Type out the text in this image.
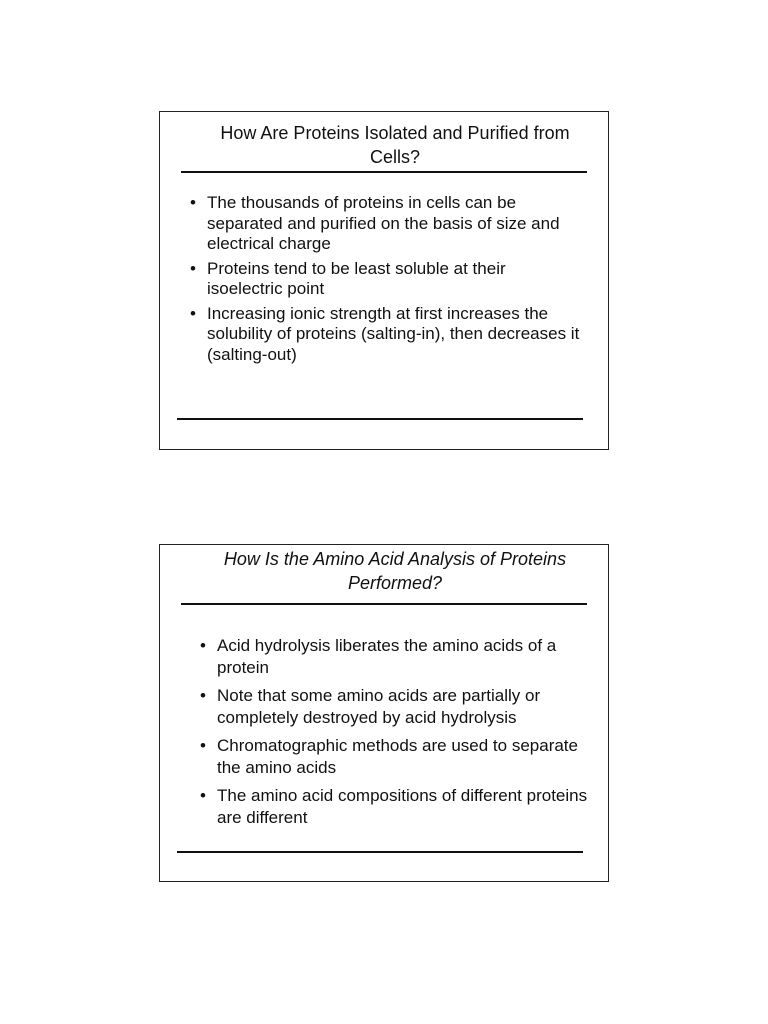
How Are Proteins Isolated and Purified from
Cells?
• The thousands of proteins in cells can be separated and purified on the basis of size and electrical charge
• Proteins tend to be least soluble at their isoelectric point
• Increasing ionic strength at first increases the solubility of proteins (salting-in), then decreases it (salting-out)
How Is the Amino Acid Analysis of Proteins
Performed?
• Acid hydrolysis liberates the amino acids of a protein
• Note that some amino acids are partially or completely destroyed by acid hydrolysis
• Chromatographic methods are used to separate the amino acids
• The amino acid compositions of different proteins are different
